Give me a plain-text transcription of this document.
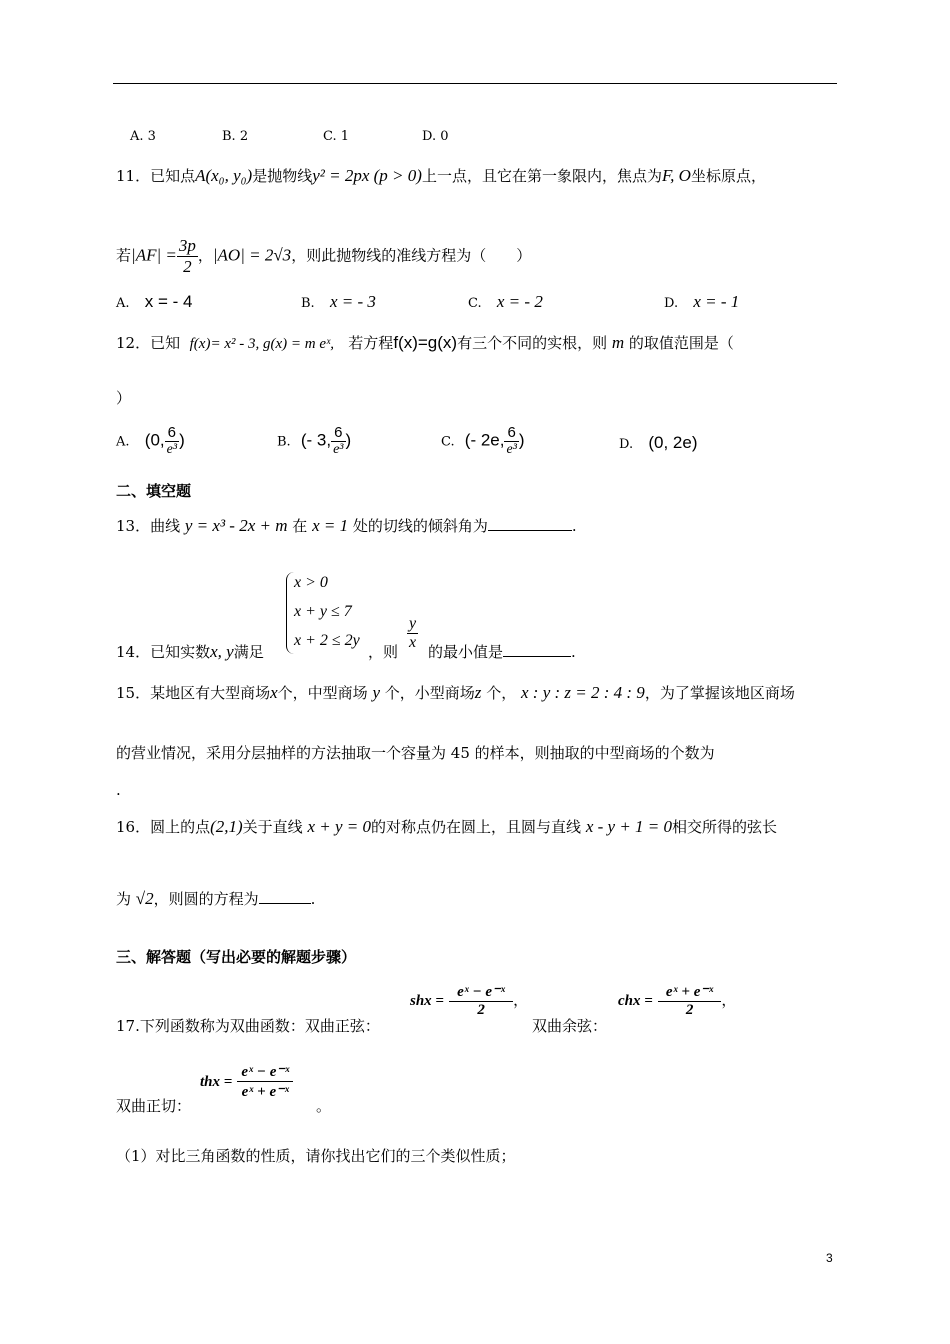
A. 3	B. 2	C. 1	D. 0
11．已知点A(x₀, y₀)是抛物线y² = 2px (p > 0)上一点，且它在第一象限内，焦点为F, O坐标原点，
若$|AF| = \frac{3p}{2}$ ，|AO| = 2√3，则此抛物线的准线方程为（　　）
A. x = - 4	B. x = - 3	C. x = - 2	D. x = - 1
12．已知 f(x)= x² - 3, g(x) = m eˣ, 若方程f(x)=g(x)有三个不同的实根，则 m 的取值范围是（
）
A. (0, $\frac{6}{\text{e³}}$ )	B. (- 3, $\frac{6}{\text{e³}}$ )	C. (- 2e, $\frac{6}{\text{e³}}$ )	D. (0, 2e)
二、填空题
13．曲线 y = x³ - 2x + m 在 x = 1 处的切线的倾斜角为	.
x > 0
x + y ≤ 7
x + 2 ≤ 2y
14．已知实数x, y满足	，则 $\frac{y}{x}$ 的最小值是	.
15．某地区有大型商场x个，中型商场 y 个，小型商场z 个， x : y : z = 2 : 4 : 9，为了掌握该地区商场
的营业情况，采用分层抽样的方法抽取一个容量为 45 的样本，则抽取的中型商场的个数为
.
16．圆上的点(2,1)关于直线 x + y = 0的对称点仍在圆上，且圆与直线 x - y + 1 = 0相交所得的弦长
为 √2，则圆的方程为	.
三、解答题（写出必要的解题步骤）
17.下列函数称为双曲函数：双曲正弦：
shx = $\frac{\text{eˣ − e⁻ˣ}}{2}$ ，
双曲余弦：
chx = $\frac{\text{eˣ + e⁻ˣ}}{2}$ ，
双曲正切：
thx = $\frac{\text{eˣ − e⁻ˣ}}{\text{eˣ + e⁻ˣ}}$
。
（1）对比三角函数的性质，请你找出它们的三个类似性质；
3
